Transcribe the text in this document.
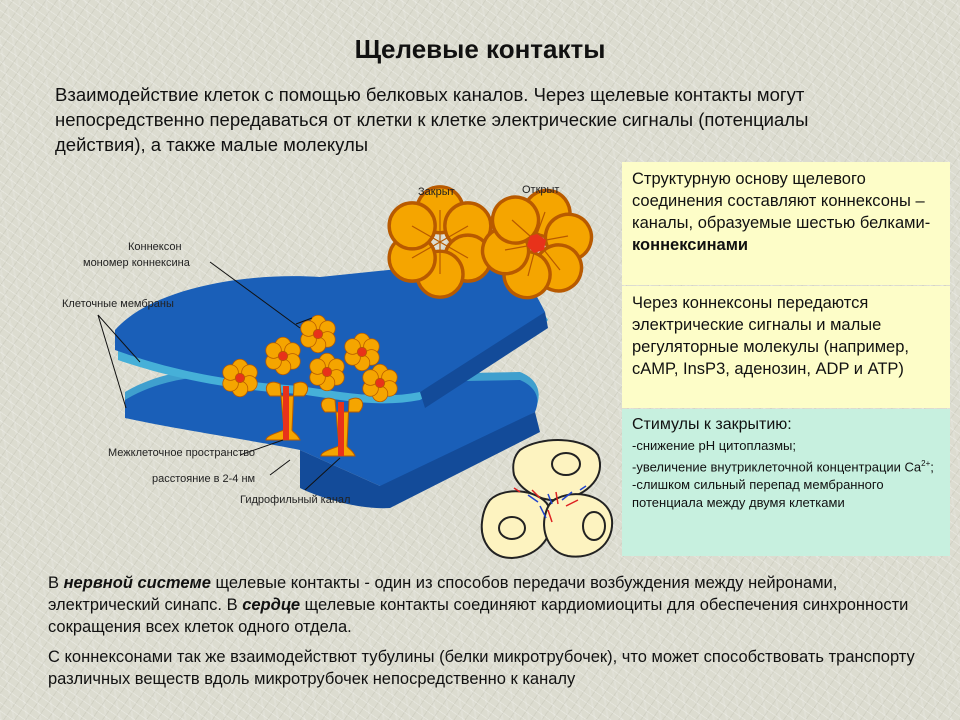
Щелевые контакты
Взаимодействие клеток с помощью белковых каналов. Через щелевые контакты могут непосредственно передаваться от клетки к клетке электрические сигналы (потенциалы действия), а также малые молекулы
Закрыт	Открыт
Коннексон
мономер коннексина
Клеточные мембраны
Межклеточное пространство
расстояние в 2-4 нм
Гидрофильный канал
Структурную основу щелевого соединения составляют коннексоны – каналы, образуемые шестью белками-коннексинами
Через коннексоны передаются электрические сигналы и малые регуляторные молекулы (например, cAMP, InsP3, аденозин, ADP и ATP)
Стимулы к закрытию:
-снижение pH цитоплазмы;
-увеличение внутриклеточной концентрации $Ca^{2+}$;
-слишком сильный перепад мембранного потенциала между двумя клетками

В нервной системе щелевые контакты - один из способов передачи возбуждения между нейронами, электрический синапс. В сердце щелевые контакты соединяют кардиомиоциты для обеспечения синхронности сокращения всех клеток одного отдела.

С коннексонами так же взаимодействют тубулины (белки микротрубочек), что может способствовать транспорту различных веществ вдоль микротрубочек непосредственно к каналу
